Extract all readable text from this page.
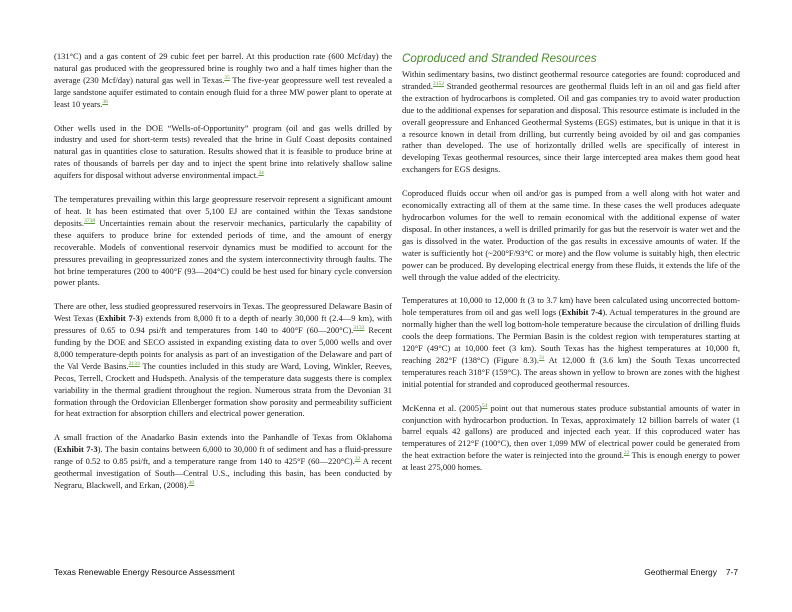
(131°C) and a gas content of 29 cubic feet per barrel. At this production rate (600 Mcf/day) the natural gas produced with the geopressured brine is roughly two and a half times higher than the average (230 Mcf/day) natural gas well in Texas.$^{35}$ The five-year geopressure well test revealed a large sandstone aquifer estimated to contain enough fluid for a three MW power plant to operate at least 10 years.$^{36}$

Other wells used in the DOE “Wells-of-Opportunity” program (oil and gas wells drilled by industry and used for short-term tests) revealed that the brine in Gulf Coast deposits contained natural gas in quantities close to saturation. Results showed that it is feasible to produce brine at rates of thousands of barrels per day and to inject the spent brine into relatively shallow saline aquifers for disposal without adverse environmental impact.$^{34}$

The temperatures prevailing within this large geopressure reservoir represent a significant amount of heat. It has been estimated that over 5,100 EJ are contained within the Texas sandstone deposits.$^{3738}$ Uncertainties remain about the reservoir mechanics, particularly the capability of these aquifers to produce brine for extended periods of time, and the amount of energy recoverable. Models of conventional reservoir dynamics must be modified to account for the pressures prevailing in geopressurized zones and the system interconnectivity through faults. The hot brine temperatures (200 to 400°F (93—204°C) could be best used for binary cycle conversion power plants.

There are other, less studied geopressured reservoirs in Texas. The geopressured Delaware Basin of West Texas (Exhibit 7-3) extends from 8,000 ft to a depth of nearly 30,000 ft (2.4—9 km), with pressures of 0.65 to 0.94 psi/ft and temperatures from 140 to 400°F (60—200°C).$^{3133}$ Recent funding by the DOE and SECO assisted in expanding existing data to over 5,000 wells and over 8,000 temperature-depth points for analysis as part of an investigation of the Delaware and part of the Val Verde Basins.$^{2133}$ The counties included in this study are Ward, Loving, Winkler, Reeves, Pecos, Terrell, Crockett and Hudspeth. Analysis of the temperature data suggests there is complex variability in the thermal gradient throughout the region. Numerous strata from the Devonian 31 formation through the Ordovician Ellenberger formation show porosity and permeability sufficient for heat extraction for absorption chillers and electrical power generation.

A small fraction of the Anadarko Basin extends into the Panhandle of Texas from Oklahoma (Exhibit 7-3). The basin contains between 6,000 to 30,000 ft of sediment and has a fluid-pressure range of 0.52 to 0.85 psi/ft, and a temperature range from 140 to 425°F (60—220°C).$^{32}$ A recent geothermal investigation of South—Central U.S., including this basin, has been conducted by Negraru, Blackwell, and Erkan, (2008).$^{40}$

Coproduced and Stranded Resources

Within sedimentary basins, two distinct geothermal resource categories are found: coproduced and stranded.$^{3152}$ Stranded geothermal resources are geothermal fluids left in an oil and gas field after the extraction of hydrocarbons is completed. Oil and gas companies try to avoid water production due to the additional expenses for separation and disposal. This resource estimate is included in the overall geopressure and Enhanced Geothermal Systems (EGS) estimates, but is unique in that it is a resource known in detail from drilling, but currently being avoided by oil and gas companies rather than developed. The use of horizontally drilled wells are specifically of interest in developing Texas geothermal resources, since their large intercepted area makes them good heat exchangers for EGS designs.

Coproduced fluids occur when oil and/or gas is pumped from a well along with hot water and economically extracting all of them at the same time. In these cases the well produces adequate hydrocarbon volumes for the well to remain economical with the additional expense of water disposal. In other instances, a well is drilled primarily for gas but the reservoir is water wet and the gas is dissolved in the water. Production of the gas results in excessive amounts of water. If the water is sufficiently hot (~200°F/93°C or more) and the flow volume is suitably high, then electric power can be produced. By developing electrical energy from these fluids, it extends the life of the well through the value added of the electricity.

Temperatures at 10,000 to 12,000 ft (3 to 3.7 km) have been calculated using uncorrected bottom-hole temperatures from oil and gas well logs (Exhibit 7-4). Actual temperatures in the ground are normally higher than the well log bottom-hole temperature because the circulation of drilling fluids cools the deep formations. The Permian Basin is the coldest region with temperatures starting at 120°F (49°C) at 10,000 feet (3 km). South Texas has the highest temperatures at 10,000 ft, reaching 282°F (138°C) (Figure 8.3).$^{31}$ At 12,000 ft (3.6 km) the South Texas uncorrected temperatures reach 318°F (159°C). The areas shown in yellow to brown are zones with the highest initial potential for stranded and coproduced geothermal resources.

McKenna et al. (2005)$^{54}$ point out that numerous states produce substantial amounts of water in conjunction with hydrocarbon production. In Texas, approximately 12 billion barrels of water (1 barrel equals 42 gallons) are produced and injected each year. If this coproduced water has temperatures of 212°F (100°C), then over 1,099 MW of electrical power could be generated from the heat extraction before the water is reinjected into the ground.$^{22}$ This is enough energy to power at least 275,000 homes.

Texas Renewable Energy Resource Assessment	Geothermal Energy 7-7
